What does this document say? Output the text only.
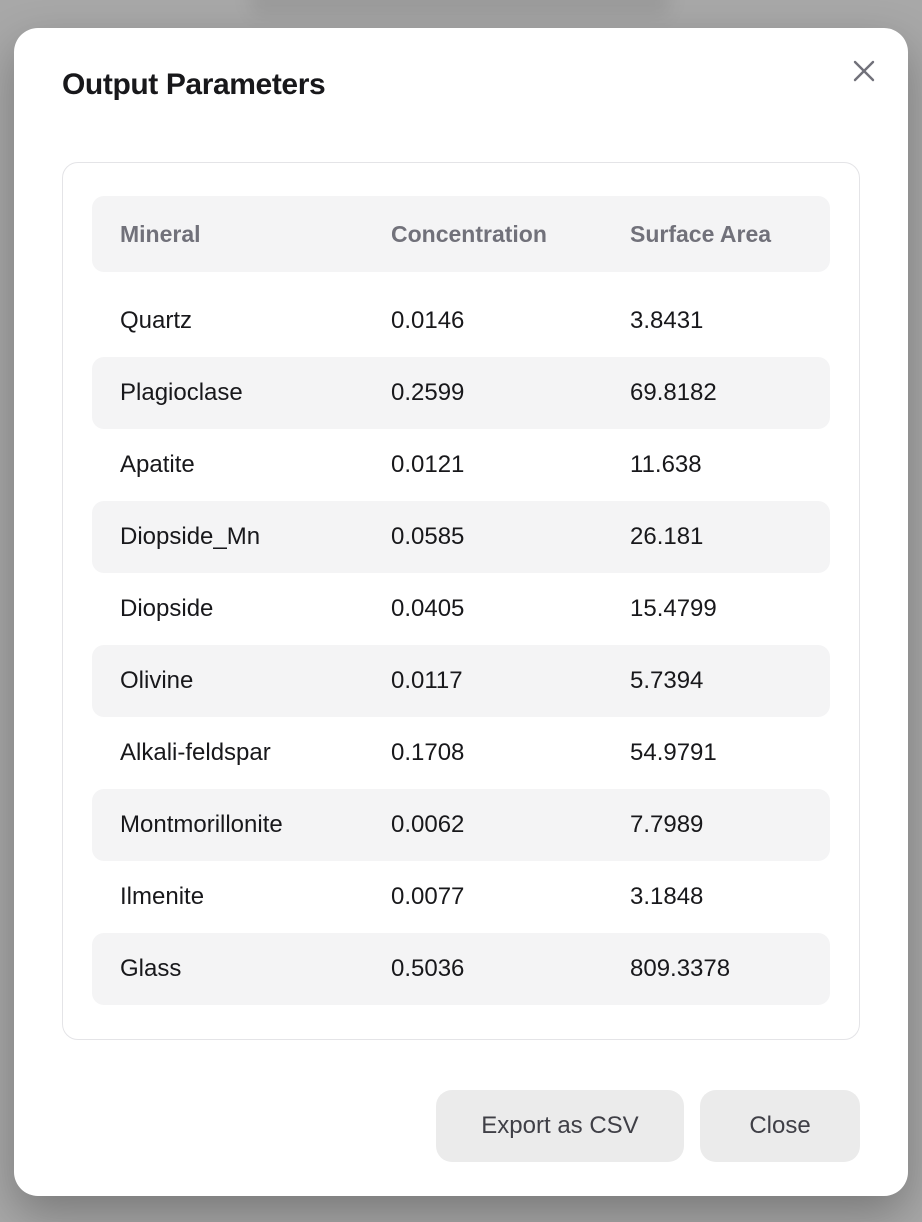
Output Parameters
Mineral	Concentration	Surface Area
Quartz	0.0146	3.8431
Plagioclase	0.2599	69.8182
Apatite	0.0121	11.638
Diopside_Mn	0.0585	26.181
Diopside	0.0405	15.4799
Olivine	0.0117	5.7394
Alkali-feldspar	0.1708	54.9791
Montmorillonite	0.0062	7.7989
Ilmenite	0.0077	3.1848
Glass	0.5036	809.3378
Export as CSV	Close
